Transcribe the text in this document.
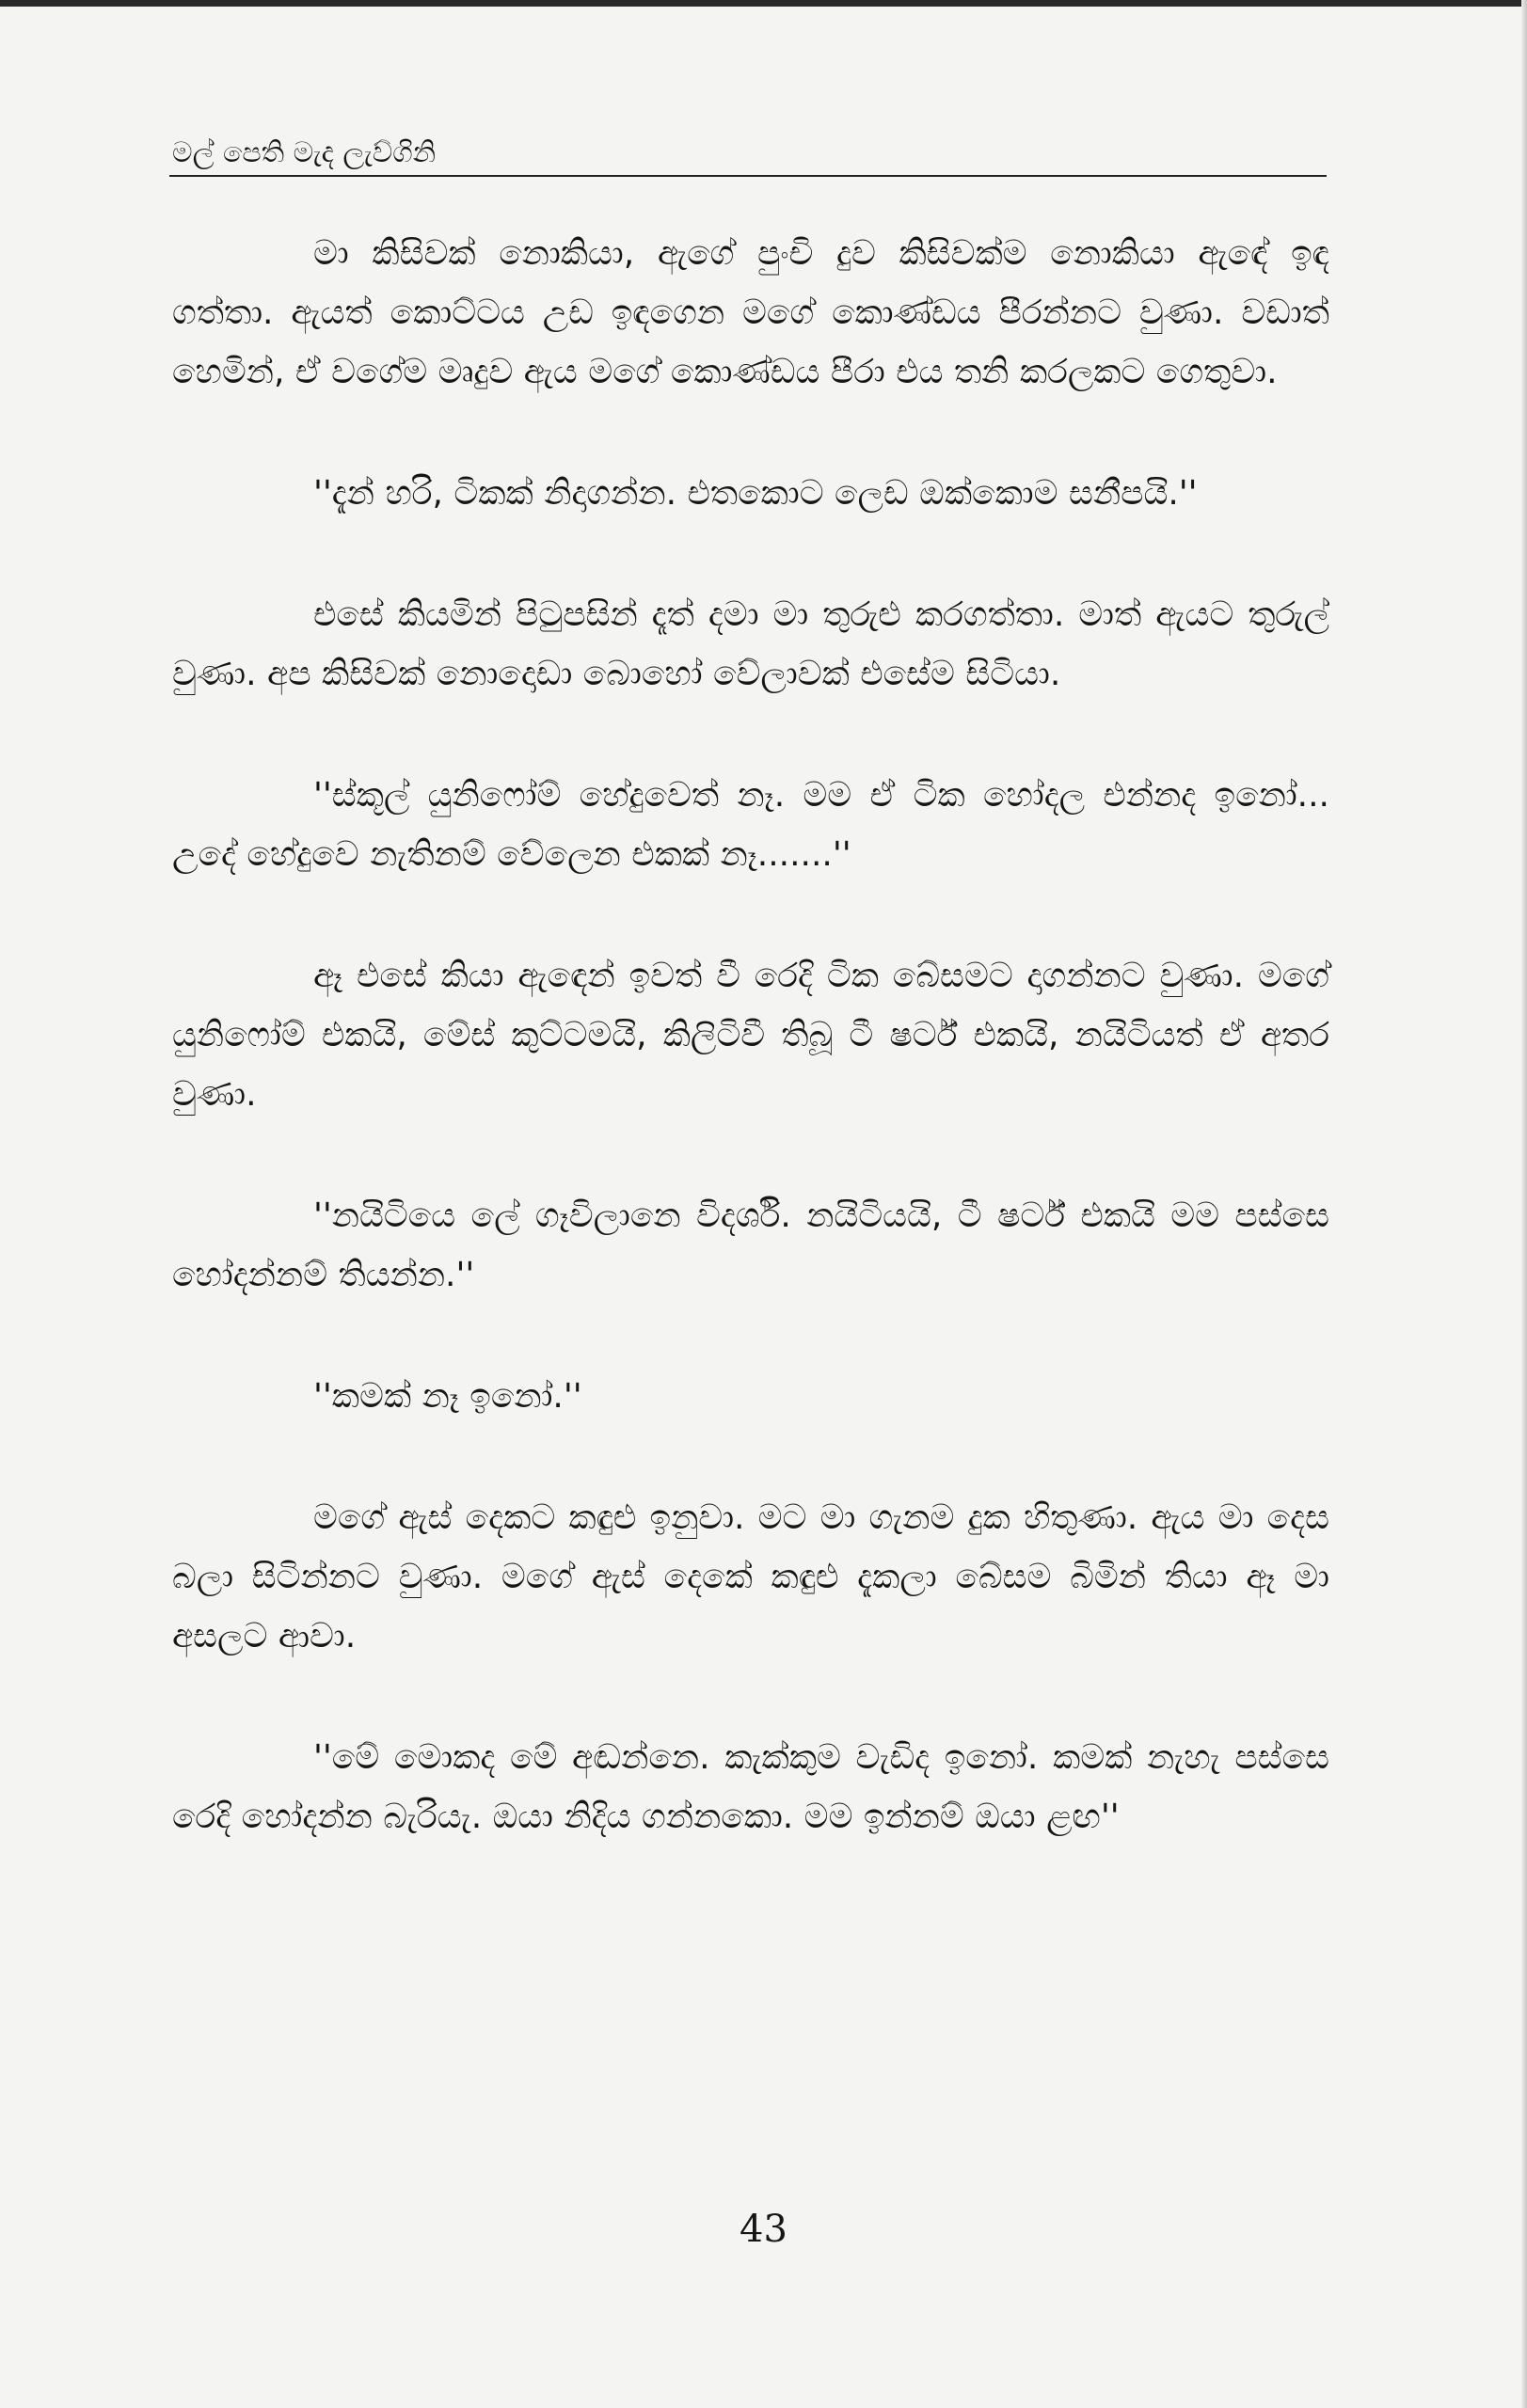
මල් පෙති මැද ලැව්ගිනි

මා කිසිවක් නොකියා, ඇගේ පුංචි දුව කිසිවක්ම නොකියා ඇඳේ ඉඳ ගත්තා. ඇයත් කොට්ටය උඩ ඉඳගෙන මගේ කොණ්ඩය පීරන්නට වුණා. වඩාත් හෙමින්, ඒ වගේම මෘදුව ඇය මගේ කොණ්ඩය පීරා එය තනි කරලකට ගෙතුවා.

''දැන් හරි, ටිකක් නිදාගන්න. එතකොට ලෙඩ ඔක්කොම සනීපයි.''

එසේ කියමින් පිටුපසින් දෑත් දමා මා තුරුළු කරගත්තා. මාත් ඇයට තුරුල් වුණා. අප කිසිවක් නොදොඩා බොහෝ වේලාවක් එසේම සිටියා.

''ස්කූල් යුනිෆෝම් හේදුවෙත් නෑ. මම ඒ ටික හෝදල එන්නද ඉනෝ... උදේ හේදුවෙ නැතිනම් වේලෙන එකක් නෑ.......''

ඈ එසේ කියා ඇඳෙන් ඉවත් වී රෙදි ටික බේසමට දාගන්නට වුණා. මගේ යුනිෆෝම් එකයි, මේස් කුට්ටමයි, කිලිටිවී තිබූ ටී ෂර්ට් එකයි, නයිටියත් ඒ අතර වුණා.

''නයිටියෙ ලේ ගෑවිලානෙ විදර්ශි. නයිටියයි, ටී ෂර්ට් එකයි මම පස්සෙ හෝදන්නම් තියන්න.''

''කමක් නෑ ඉනෝ.''

මගේ ඇස් දෙකට කඳුළු ඉනුවා. මට මා ගැනම දුක හිතුණා. ඇය මා දෙස බලා සිටින්නට වුණා. මගේ ඇස් දෙකේ කඳුළු දැකලා බේසම බිමින් තියා ඈ මා අසලට ආවා.

''මේ මොකද මේ අඬන්නෙ. කැක්කුම වැඩිද ඉනෝ. කමක් නැහැ පස්සෙ රෙදි හෝදන්න බැරියැ. ඔයා නිදිය ගන්නකො. මම ඉන්නම් ඔයා ළඟ''

43
